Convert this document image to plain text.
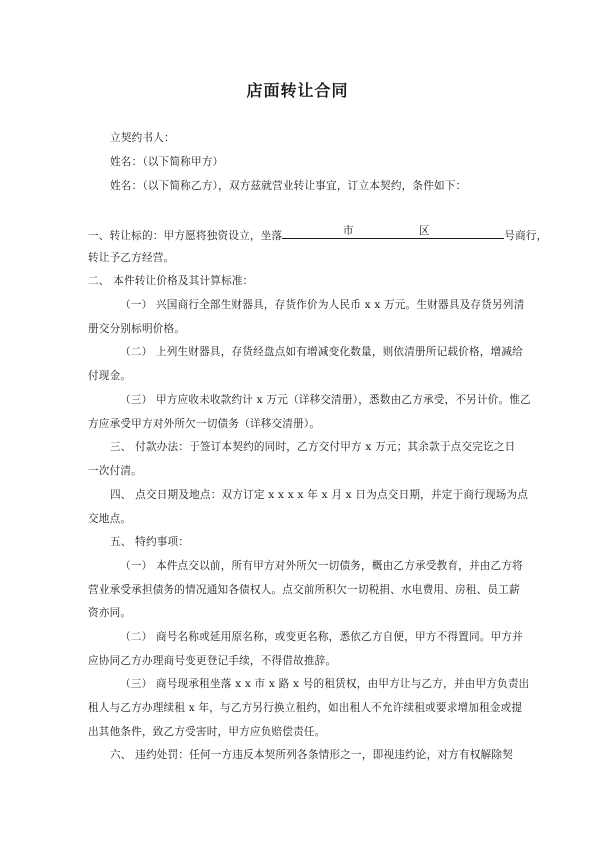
店面转让合同
立契约书人：
姓名：（以下简称甲方）
姓名：（以下简称乙方），双方兹就营业转让事宜，订立本契约，条件如下：
一、转让标的：甲方愿将独资设立，坐落	市	区	号商行，
转让予乙方经营。
二、 本件转让价格及其计算标准：
（一） 兴国商行全部生财器具，存货作价为人民币 x x 万元。生财器具及存货另列清
册交分别标明价格。
（二） 上列生财器具，存货经盘点如有增减变化数量，则依清册所记载价格，增减给
付现金。
（三） 甲方应收未收款约计 x 万元（详移交清册），悉数由乙方承受，不另计价。惟乙
方应承受甲方对外所欠一切债务（详移交清册）。
三、 付款办法：于签订本契约的同时，乙方交付甲方 x 万元；其余款于点交完讫之日
一次付清。
四、 点交日期及地点：双方订定 x x x x 年 x 月 x 日为点交日期，并定于商行现场为点
交地点。
五、 特约事项：
（一） 本件点交以前，所有甲方对外所欠一切债务，概由乙方承受教育，并由乙方将
营业承受承担债务的情况通知各债权人。点交前所积欠一切税捐、水电费用、房租、员工薪
资亦同。
（二） 商号名称或延用原名称，或变更名称，悉依乙方自便，甲方不得置同。甲方并
应协同乙方办理商号变更登记手续，不得借故推辞。
（三） 商号现承租坐落 x x 市 x 路 x 号的租赁权，由甲方让与乙方，并由甲方负责出
租人与乙方办理续租 x 年，与乙方另行换立租约，如出租人不允许续租或要求增加租金或提
出其他条件，致乙方受害时，甲方应负赔偿责任。
六、 违约处罚：任何一方违反本契所列各条情形之一，即视违约论，对方有权解除契
